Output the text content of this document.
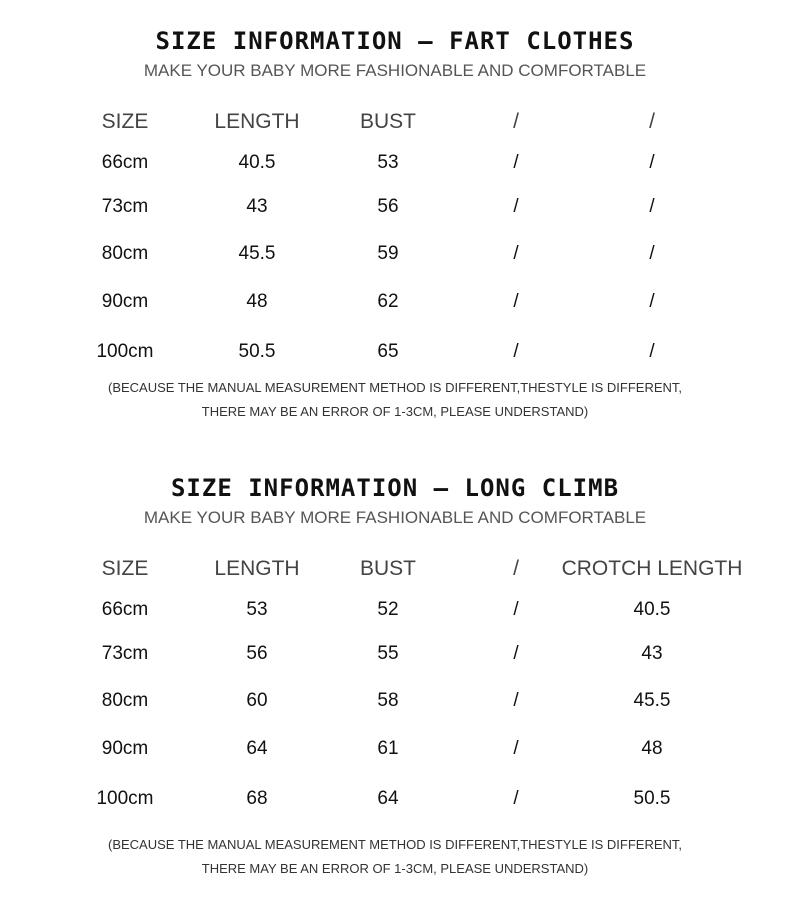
SIZE INFORMATION — FART CLOTHES
MAKE YOUR BABY MORE FASHIONABLE AND COMFORTABLE
SIZE	LENGTH	BUST	/	/
66cm	40.5	53	/	/
73cm	43	56	/	/
80cm	45.5	59	/	/
90cm	48	62	/	/
100cm	50.5	65	/	/
(BECAUSE THE MANUAL MEASUREMENT METHOD IS DIFFERENT,THESTYLE IS DIFFERENT,
THERE MAY BE AN ERROR OF 1-3CM, PLEASE UNDERSTAND)
SIZE INFORMATION — LONG CLIMB
MAKE YOUR BABY MORE FASHIONABLE AND COMFORTABLE
SIZE	LENGTH	BUST	/ CROTCH LENGTH
66cm	53	52	/	40.5
73cm	56	55	/	43
80cm	60	58	/	45.5
90cm	64	61	/	48
100cm	68	64	/	50.5
(BECAUSE THE MANUAL MEASUREMENT METHOD IS DIFFERENT,THESTYLE IS DIFFERENT,
THERE MAY BE AN ERROR OF 1-3CM, PLEASE UNDERSTAND)
